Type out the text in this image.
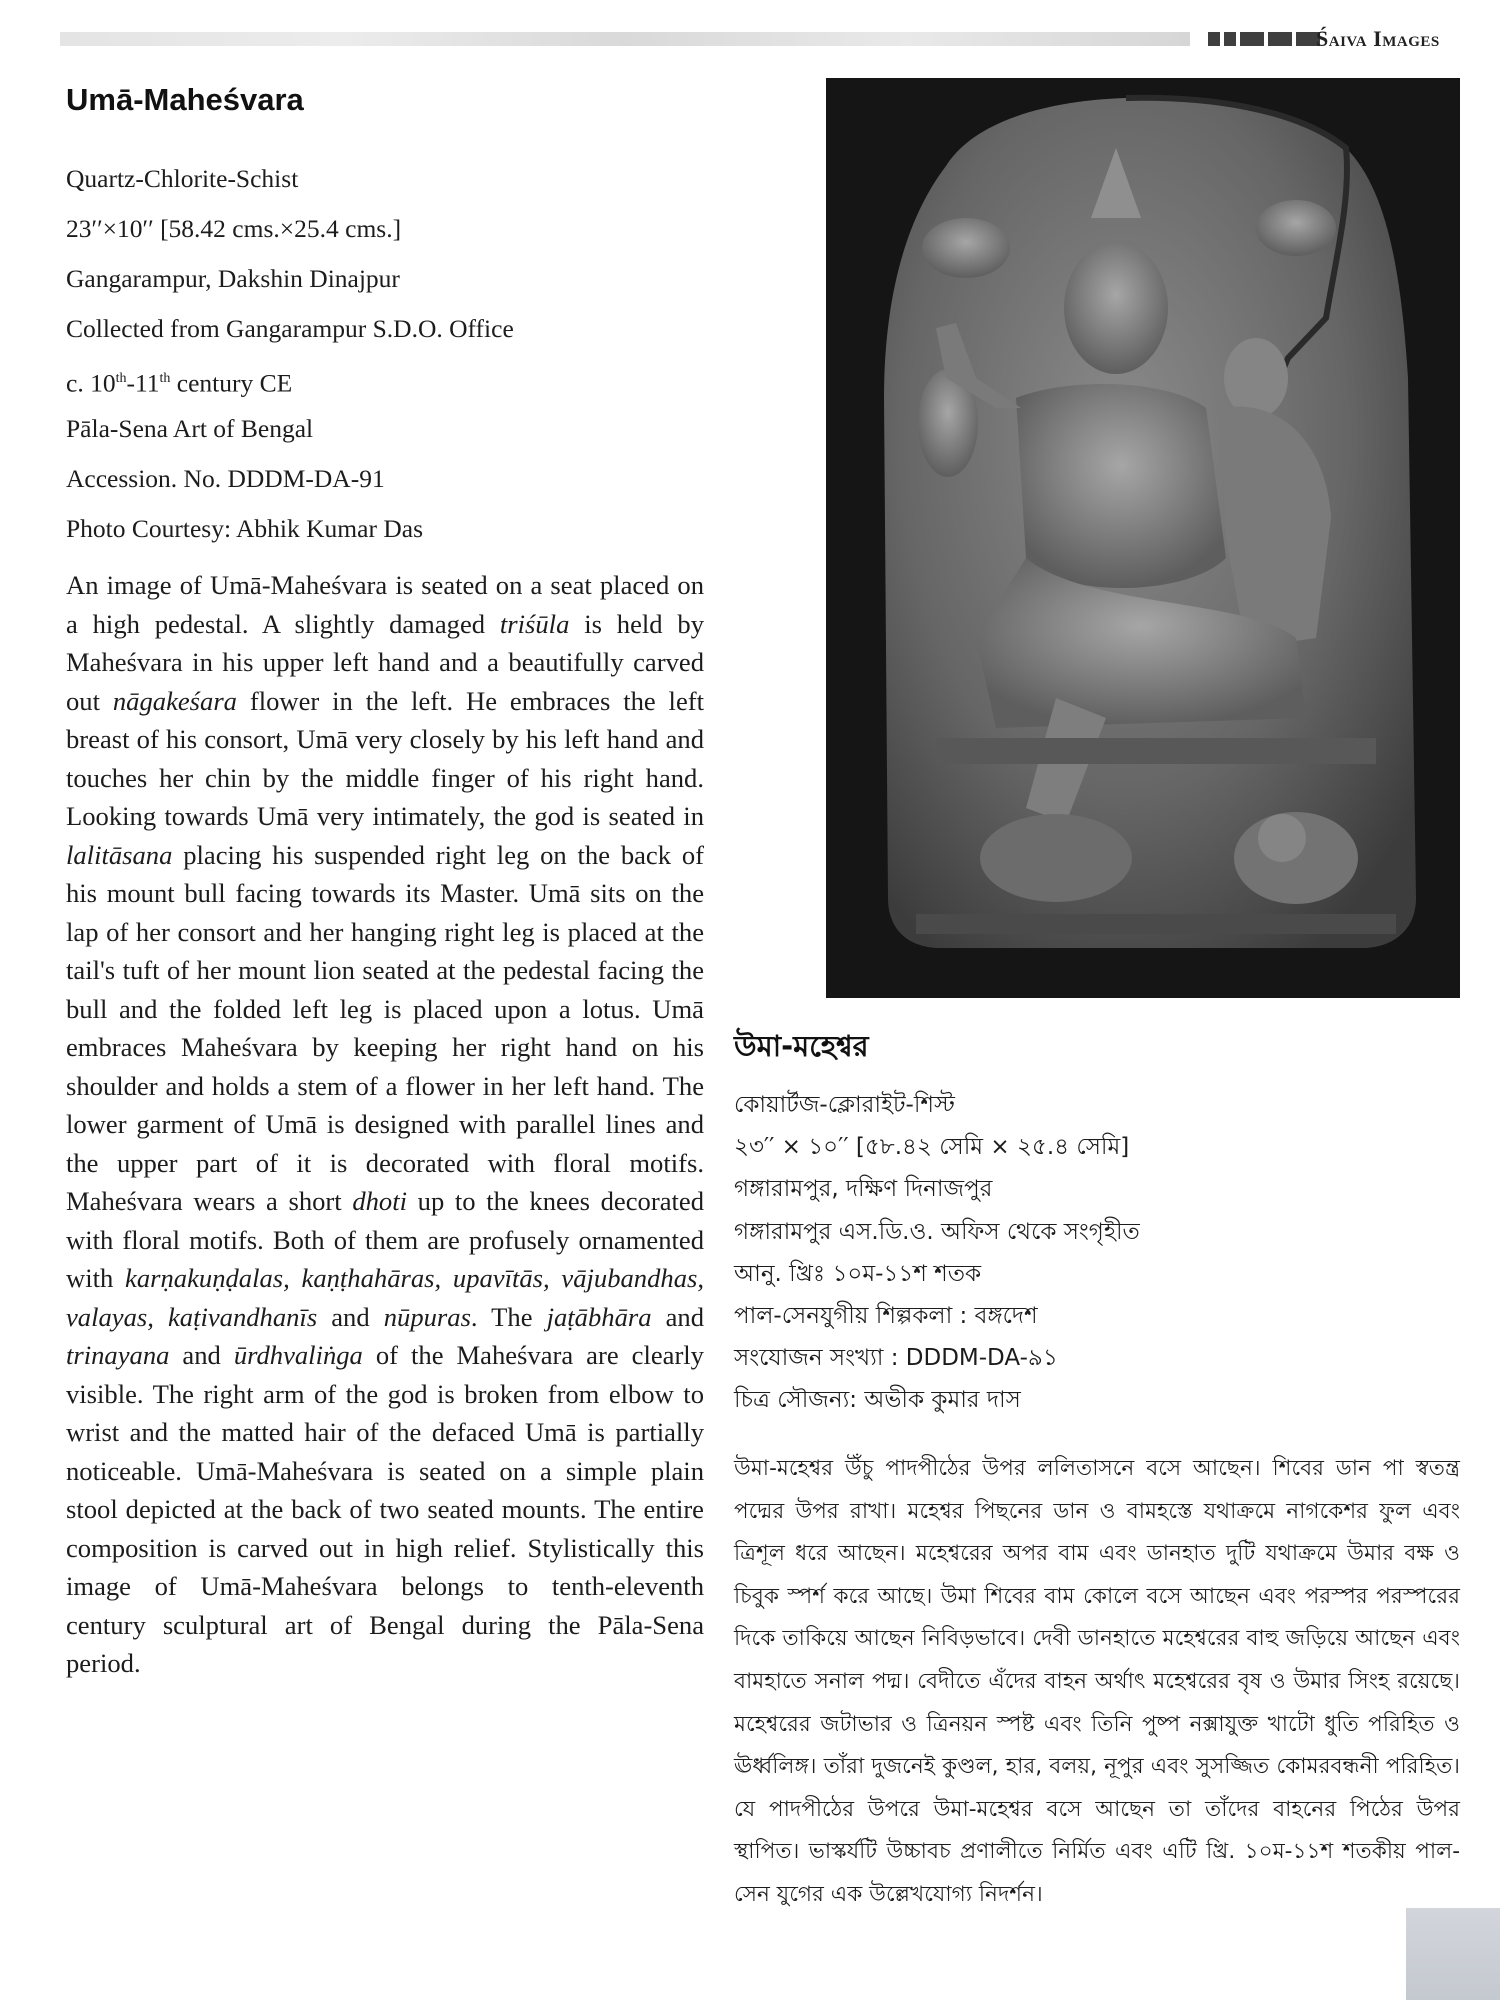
Śaiva Images
Umā-Maheśvara
Quartz-Chlorite-Schist
23′′×10′′ [58.42 cms.×25.4 cms.]
Gangarampur, Dakshin Dinajpur
Collected from Gangarampur S.D.O. Office
c. 10th-11th century CE
Pāla-Sena Art of Bengal
Accession. No. DDDM-DA-91
Photo Courtesy: Abhik Kumar Das

An image of Umā-Maheśvara is seated on a seat placed on a high pedestal. A slightly damaged triśūla is held by Maheśvara in his upper left hand and a beautifully carved out nāgakeśara flower in the left. He embraces the left breast of his consort, Umā very closely by his left hand and touches her chin by the middle finger of his right hand. Looking towards Umā very intimately, the god is seated in lalitāsana placing his suspended right leg on the back of his mount bull facing towards its Master. Umā sits on the lap of her consort and her hanging right leg is placed at the tail's tuft of her mount lion seated at the pedestal facing the bull and the folded left leg is placed upon a lotus. Umā embraces Maheśvara by keeping her right hand on his shoulder and holds a stem of a flower in her left hand. The lower garment of Umā is designed with parallel lines and the upper part of it is decorated with floral motifs. Maheśvara wears a short dhoti up to the knees decorated with floral motifs. Both of them are profusely ornamented with karṇakuṇḍalas, kaṇṭhahāras, upavītās, vājubandhas, valayas, kaṭivandhanīs and nūpuras. The jaṭābhāra and trinayana and ūrdhvaliṅga of the Maheśvara are clearly visible. The right arm of the god is broken from elbow to wrist and the matted hair of the defaced Umā is partially noticeable. Umā-Maheśvara is seated on a simple plain stool depicted at the back of two seated mounts. The entire composition is carved out in high relief. Stylistically this image of Umā-Maheśvara belongs to tenth-eleventh century sculptural art of Bengal during the Pāla-Sena period.

উমা-মহেশ্বর
কোয়ার্টজ-ক্লোরাইট-শিস্ট
২৩′′ × ১০′′ [৫৮.৪২ সেমি × ২৫.৪ সেমি]
গঙ্গারামপুর, দক্ষিণ দিনাজপুর
গঙ্গারামপুর এস.ডি.ও. অফিস থেকে সংগৃহীত
আনু. খ্রিঃ ১০ম-১১শ শতক
পাল-সেনযুগীয় শিল্পকলা : বঙ্গদেশ
সংযোজন সংখ্যা : DDDM-DA-৯১
চিত্র সৌজন্য: অভীক কুমার দাস

উমা-মহেশ্বর উঁচু পাদপীঠের উপর ললিতাসনে বসে আছেন। শিবের ডান পা স্বতন্ত্র পদ্মের উপর রাখা। মহেশ্বর পিছনের ডান ও বামহস্তে যথাক্রমে নাগকেশর ফুল এবং ত্রিশূল ধরে আছেন। মহেশ্বরের অপর বাম এবং ডানহাত দুটি যথাক্রমে উমার বক্ষ ও চিবুক স্পর্শ করে আছে। উমা শিবের বাম কোলে বসে আছেন এবং পরস্পর পরস্পরের দিকে তাকিয়ে আছেন নিবিড়ভাবে। দেবী ডানহাতে মহেশ্বরের বাহু জড়িয়ে আছেন এবং বামহাতে সনাল পদ্ম। বেদীতে এঁদের বাহন অর্থাৎ মহেশ্বরের বৃষ ও উমার সিংহ রয়েছে। মহেশ্বরের জটাভার ও ত্রিনয়ন স্পষ্ট এবং তিনি পুষ্প নক্সাযুক্ত খাটো ধুতি পরিহিত ও ঊর্ধ্বলিঙ্গ। তাঁরা দুজনেই কুণ্ডল, হার, বলয়, নূপুর এবং সুসজ্জিত কোমরবন্ধনী পরিহিত। যে পাদপীঠের উপরে উমা-মহেশ্বর বসে আছেন তা তাঁদের বাহনের পিঠের উপর স্থাপিত। ভাস্কর্যটি উচ্চাবচ প্রণালীতে নির্মিত এবং এটি খ্রি. ১০ম-১১শ শতকীয় পাল-সেন যুগের এক উল্লেখযোগ্য নিদর্শন।
